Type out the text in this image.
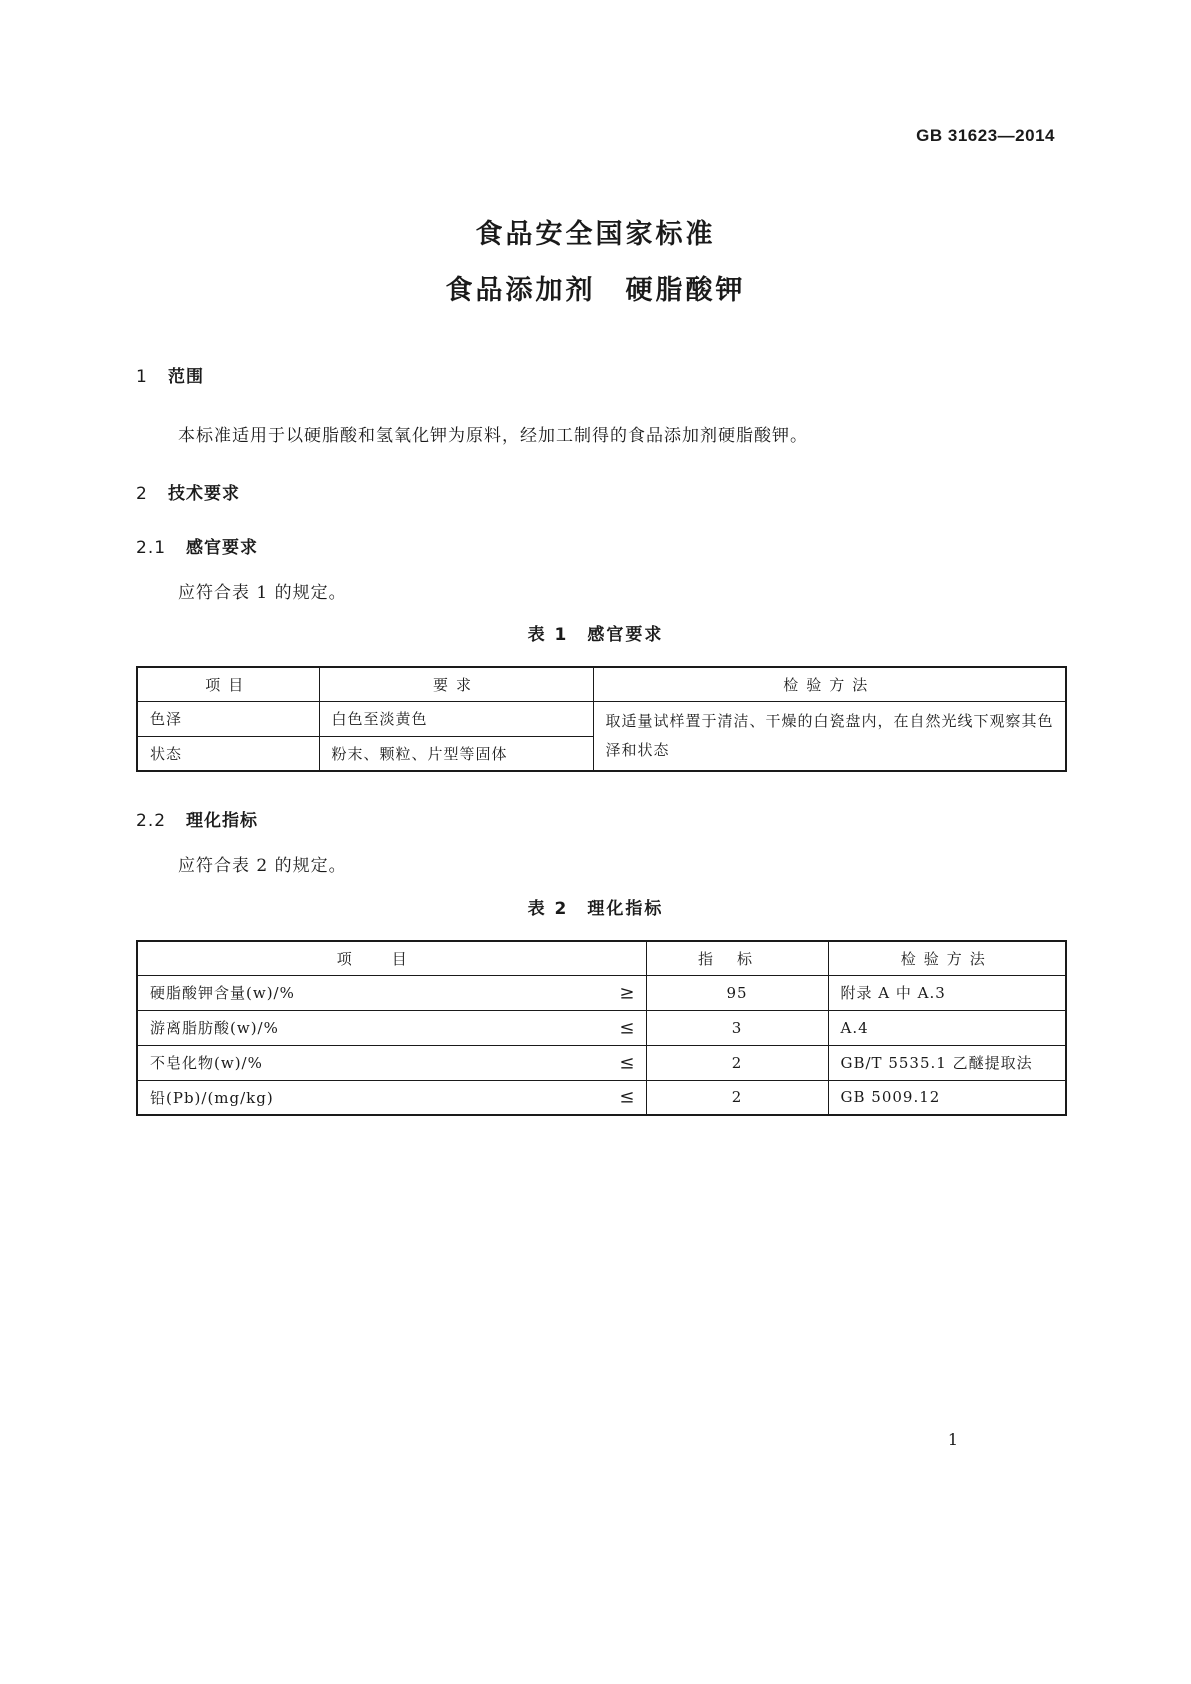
GB 31623—2014
食品安全国家标准
食品添加剂　硬脂酸钾
1 范围
本标准适用于以硬脂酸和氢氧化钾为原料，经加工制得的食品添加剂硬脂酸钾。
2 技术要求
2.1 感官要求
应符合表 1 的规定。
表 1　感官要求
项目	要求	检验方法
色泽	白色至淡黄色	取适量试样置于清洁、干燥的白瓷盘内，在自然光线下观察其色泽和状态
状态	粉末、颗粒、片型等固体	
2.2 理化指标
应符合表 2 的规定。
表 2　理化指标
项目	指标	检验方法
硬脂酸钾含量(w)/% ≥	95	附录 A 中 A.3
游离脂肪酸(w)/% ≤	3	A.4
不皂化物(w)/% ≤	2	GB/T 5535.1 乙醚提取法
铅(Pb)/(mg/kg) ≤	2	GB 5009.12
1
